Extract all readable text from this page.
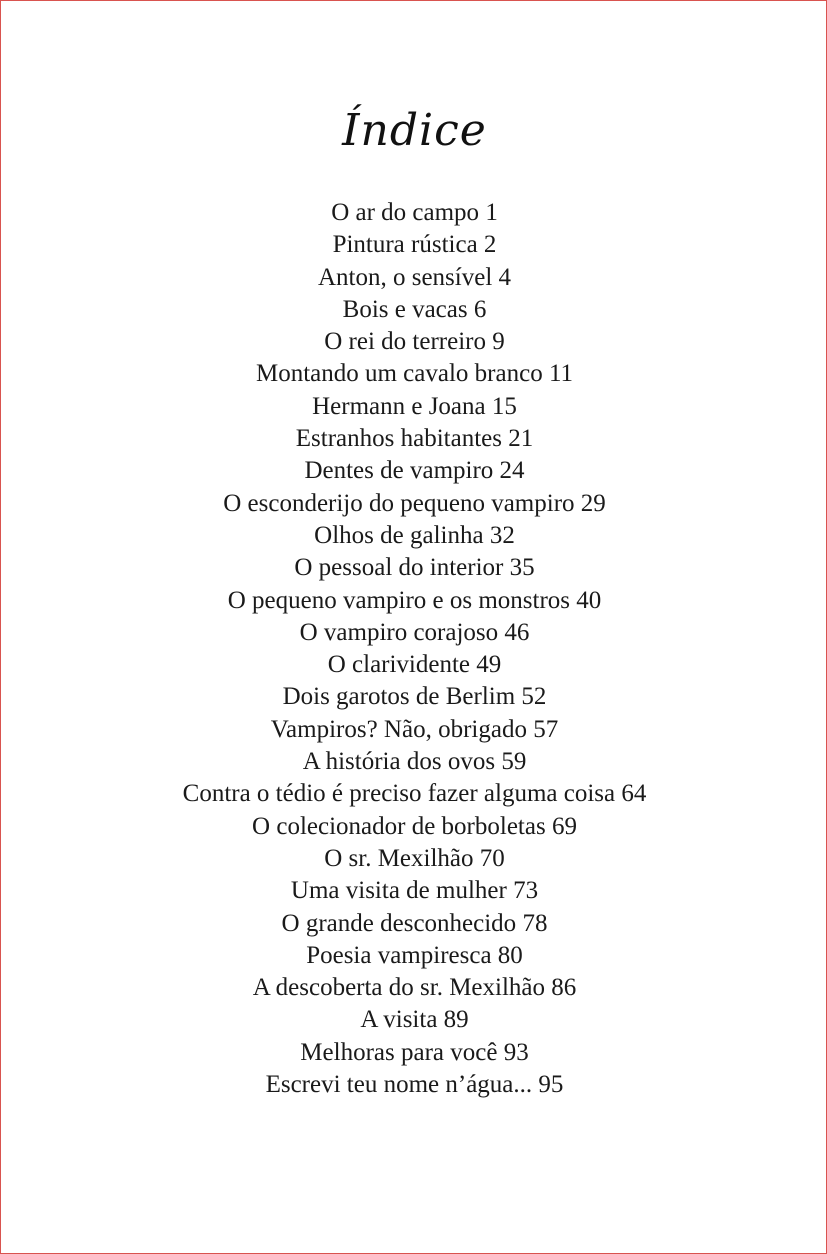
Índice
O ar do campo 1
Pintura rústica 2
Anton, o sensível 4
Bois e vacas 6
O rei do terreiro 9
Montando um cavalo branco 11
Hermann e Joana 15
Estranhos habitantes 21
Dentes de vampiro 24
O esconderijo do pequeno vampiro 29
Olhos de galinha 32
O pessoal do interior 35
O pequeno vampiro e os monstros 40
O vampiro corajoso 46
O clarividente 49
Dois garotos de Berlim 52
Vampiros? Não, obrigado 57
A história dos ovos 59
Contra o tédio é preciso fazer alguma coisa 64
O colecionador de borboletas 69
O sr. Mexilhão 70
Uma visita de mulher 73
O grande desconhecido 78
Poesia vampiresca 80
A descoberta do sr. Mexilhão 86
A visita 89
Melhoras para você 93
Escrevi teu nome n’água... 95
